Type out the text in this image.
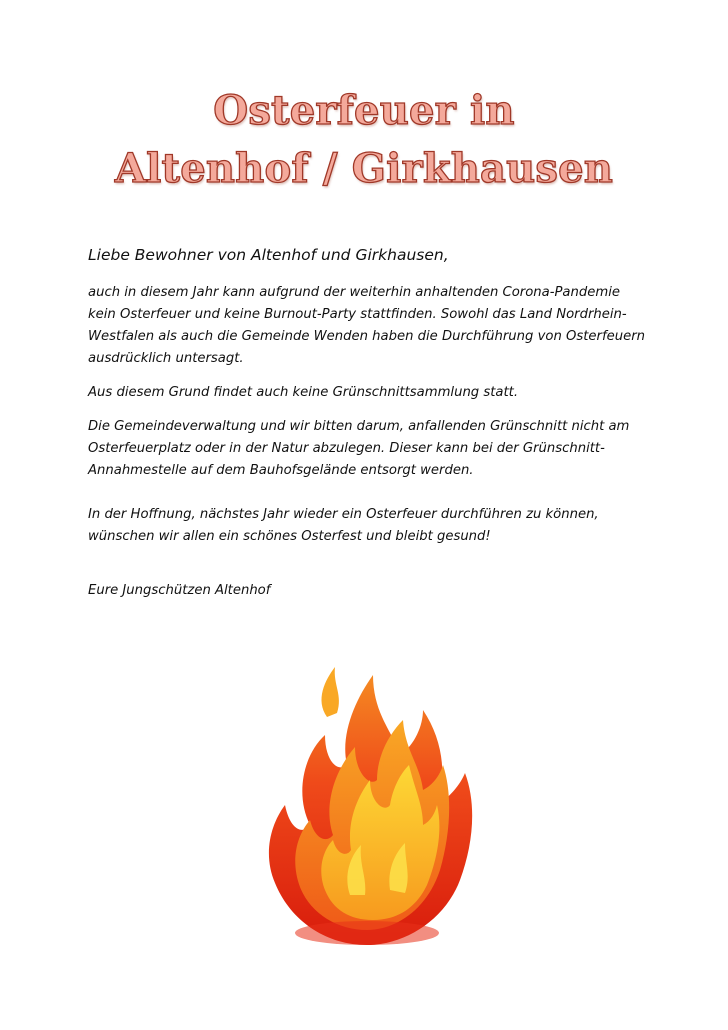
Osterfeuer in
Altenhof / Girkhausen

Liebe Bewohner von Altenhof und Girkhausen,

auch in diesem Jahr kann aufgrund der weiterhin anhaltenden Corona-Pandemie kein Osterfeuer und keine Burnout-Party stattfinden. Sowohl das Land Nordrhein-Westfalen als auch die Gemeinde Wenden haben die Durchführung von Osterfeuern ausdrücklich untersagt.

Aus diesem Grund findet auch keine Grünschnittsammlung statt.

Die Gemeindeverwaltung und wir bitten darum, anfallenden Grünschnitt nicht am Osterfeuerplatz oder in der Natur abzulegen. Dieser kann bei der Grünschnitt-Annahmestelle auf dem Bauhofsgelände entsorgt werden.

In der Hoffnung, nächstes Jahr wieder ein Osterfeuer durchführen zu können, wünschen wir allen ein schönes Osterfest und bleibt gesund!

Eure Jungschützen Altenhof
